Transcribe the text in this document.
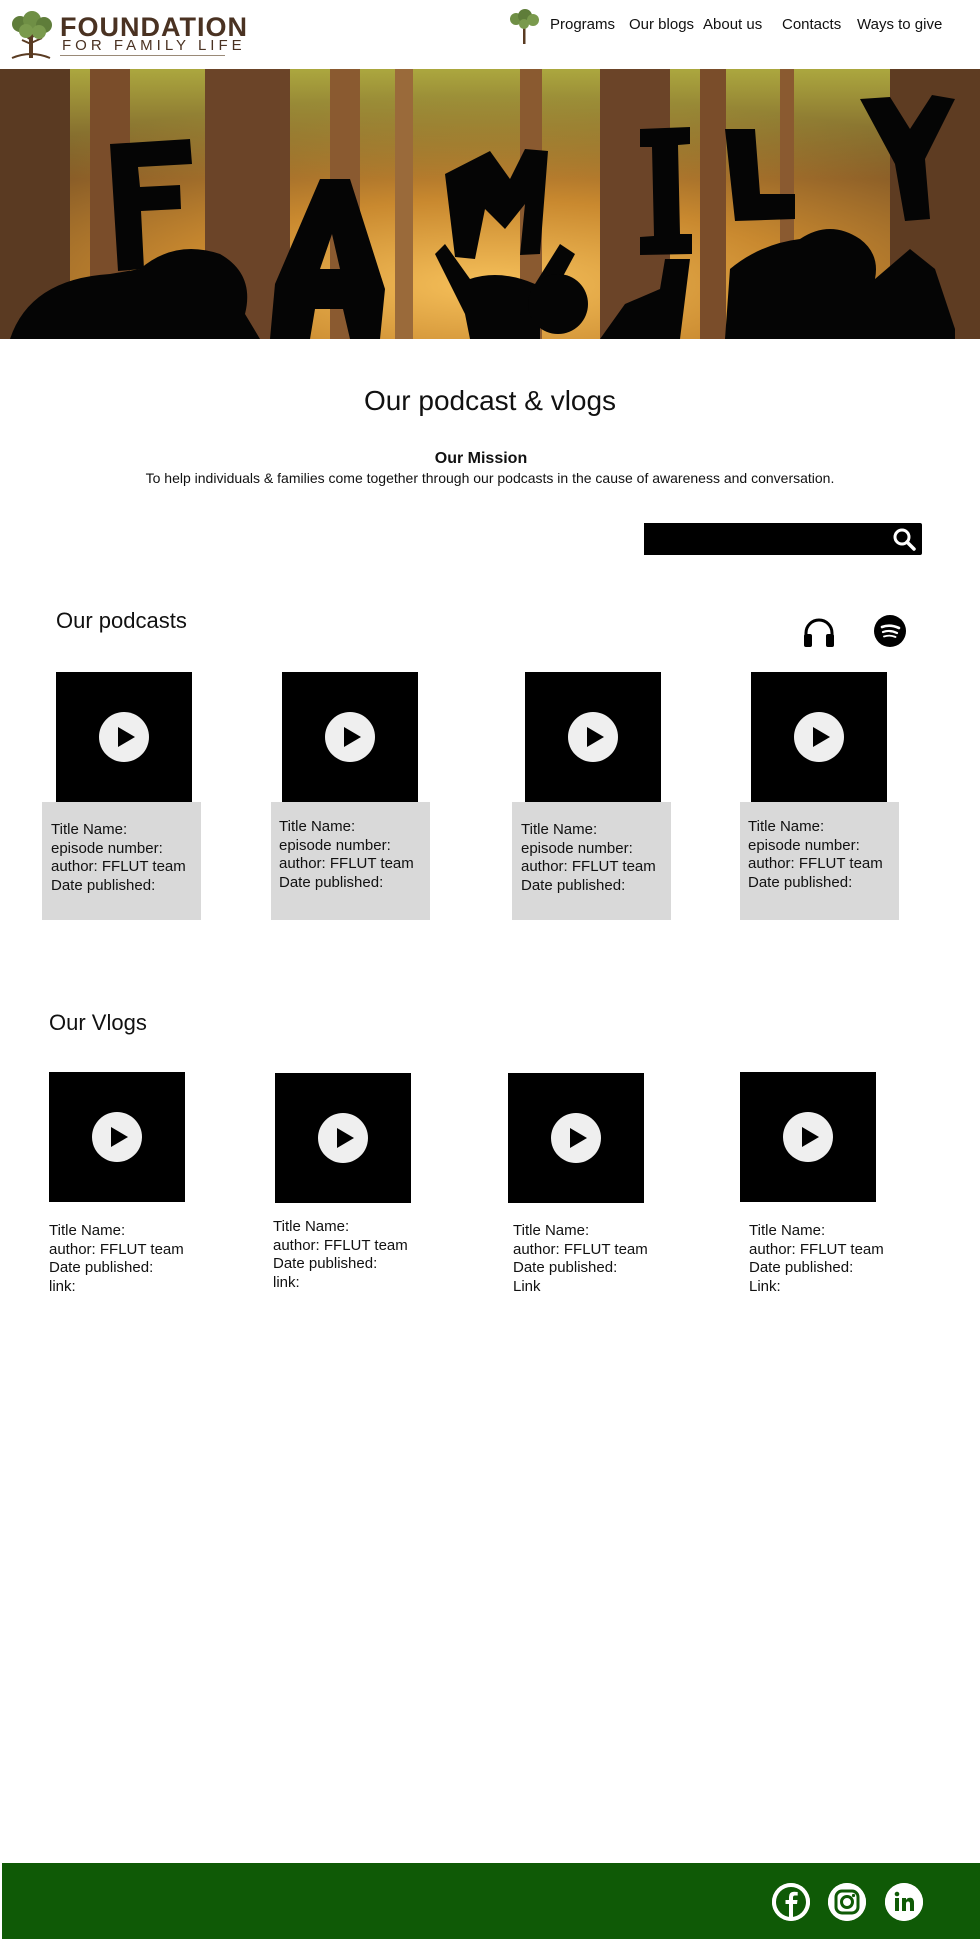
FOUNDATION
FOR FAMILY LIFE
Programs Our blogs About us Contacts Ways to give
Our podcast & vlogs
Our Mission
To help individuals & families come together through our podcasts in the cause of awareness and conversation.
Our podcasts
Title Name:
episode number:
author: FFLUT team
Date published:
Title Name:
episode number:
author: FFLUT team
Date published:
Title Name:
episode number:
author: FFLUT team
Date published:
Title Name:
episode number:
author: FFLUT team
Date published:
Our Vlogs
Title Name:
author: FFLUT team
Date published:
link:
Title Name:
author: FFLUT team
Date published:
link:
Title Name:
author: FFLUT team
Date published:
Link
Title Name:
author: FFLUT team
Date published:
Link:
